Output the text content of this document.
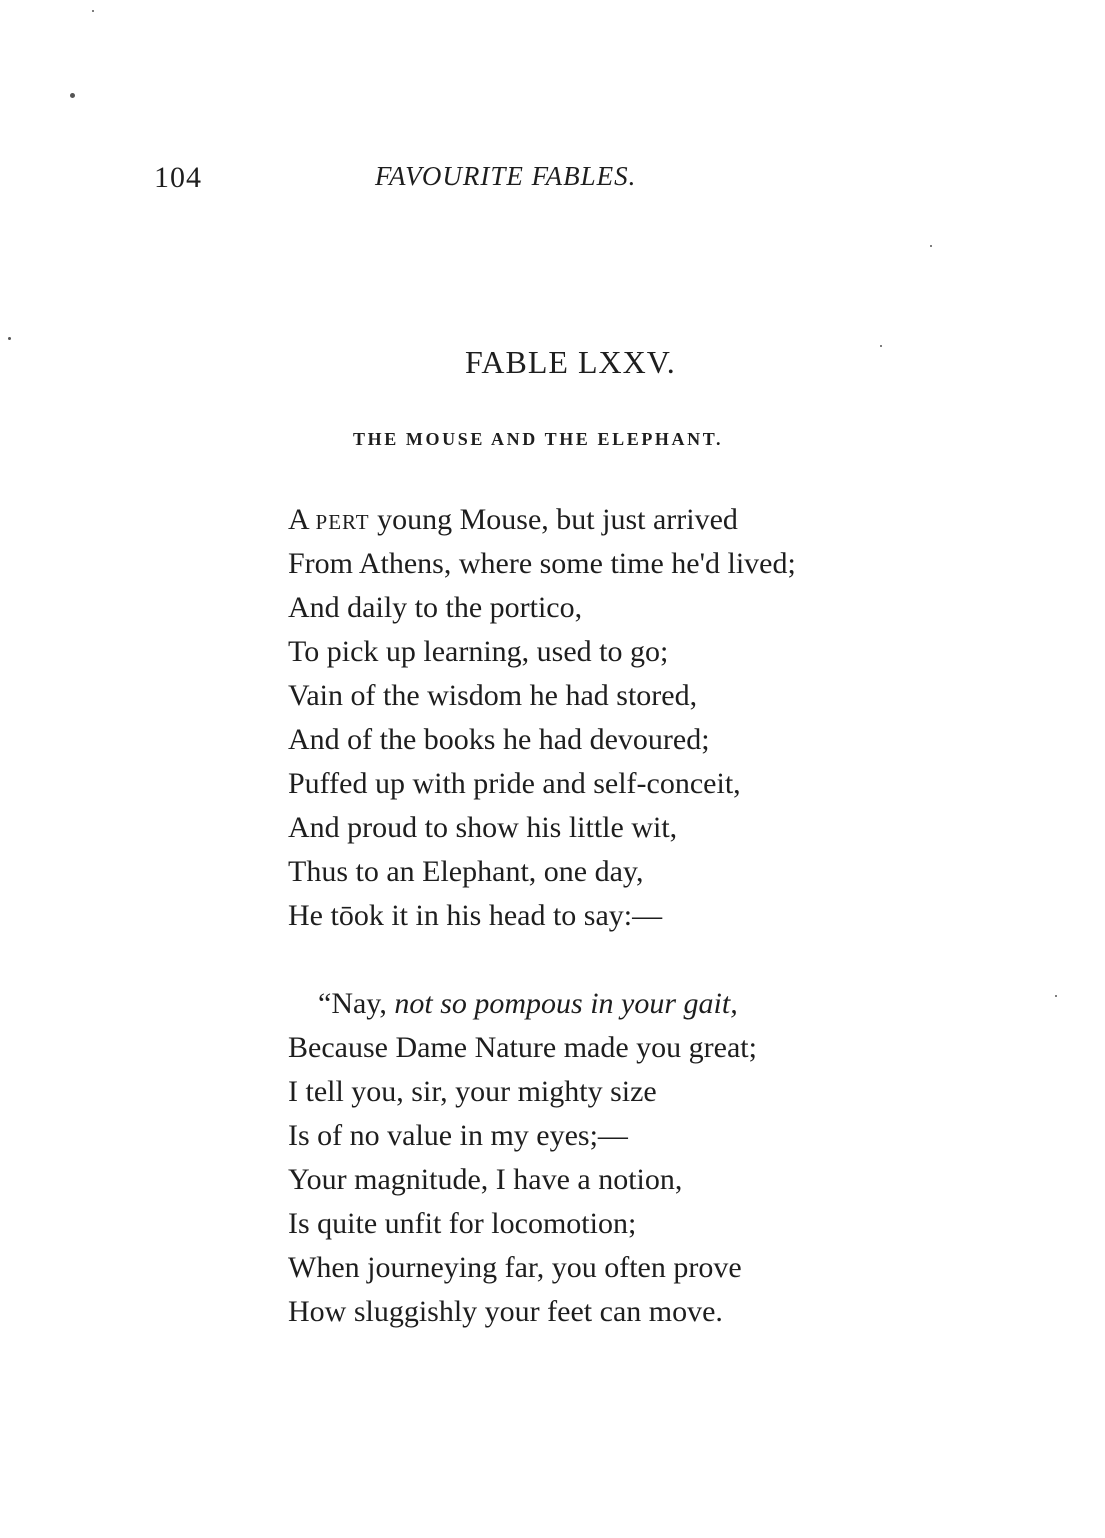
104	FAVOURITE FABLES.
FABLE LXXV.
THE MOUSE AND THE ELEPHANT.
A pert young Mouse, but just arrived
From Athens, where some time he'd lived;
And daily to the portico,
To pick up learning, used to go;
Vain of the wisdom he had stored,
And of the books he had devoured;
Puffed up with pride and self-conceit,
And proud to show his little wit,
Thus to an Elephant, one day,
He tōok it in his head to say:—
“Nay, not so pompous in your gait,
Because Dame Nature made you great;
I tell you, sir, your mighty size
Is of no value in my eyes;—
Your magnitude, I have a notion,
Is quite unfit for locomotion;
When journeying far, you often prove
How sluggishly your feet can move.
